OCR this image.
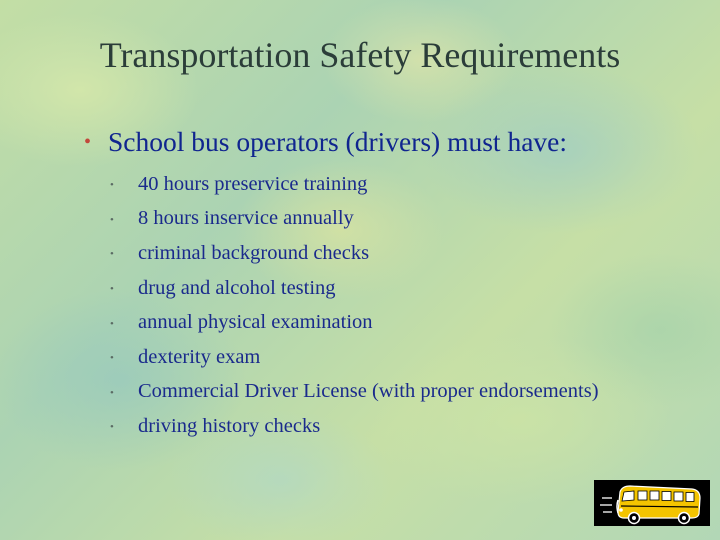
Transportation Safety Requirements
• School bus operators (drivers) must have:
•	40 hours preservice training
•	8 hours inservice annually
•	criminal background checks
•	drug and alcohol testing
•	annual physical examination
•	dexterity exam
•	Commercial Driver License (with proper endorsements)
•	driving history checks
